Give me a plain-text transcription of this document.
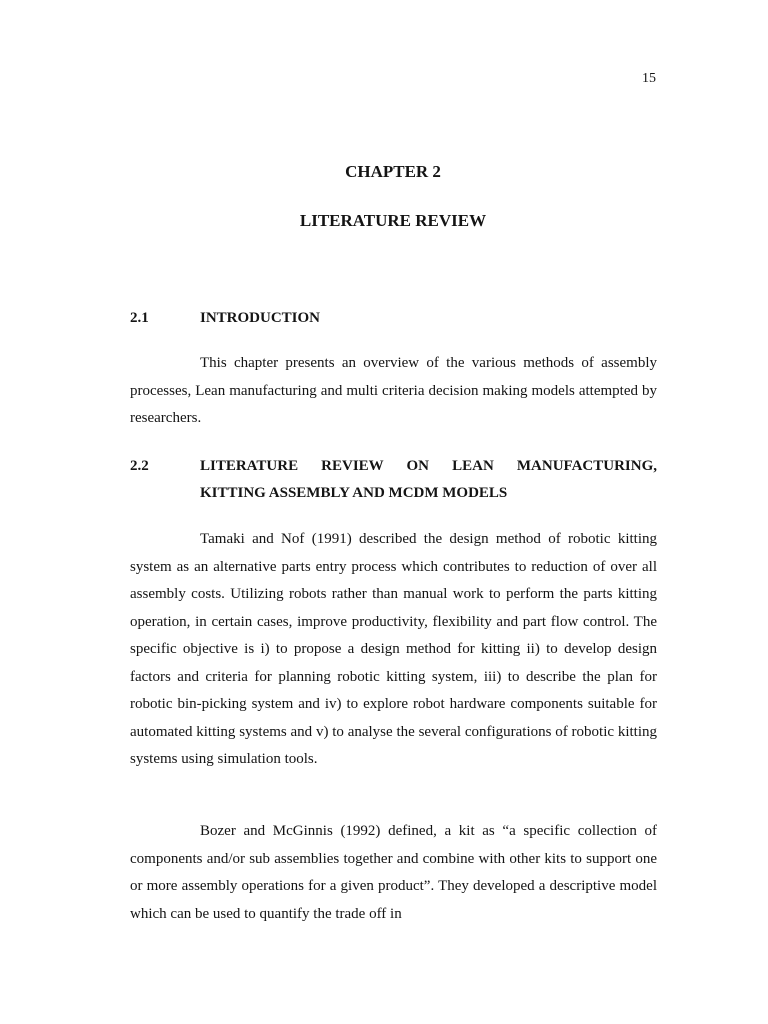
15
CHAPTER 2
LITERATURE REVIEW
2.1	INTRODUCTION

This chapter presents an overview of the various methods of assembly processes, Lean manufacturing and multi criteria decision making models attempted by researchers.

2.2	LITERATURE REVIEW ON LEAN MANUFACTURING,
KITTING ASSEMBLY AND MCDM MODELS

Tamaki and Nof (1991) described the design method of robotic kitting system as an alternative parts entry process which contributes to reduction of over all assembly costs. Utilizing robots rather than manual work to perform the parts kitting operation, in certain cases, improve productivity, flexibility and part flow control. The specific objective is i) to propose a design method for kitting ii) to develop design factors and criteria for planning robotic kitting system, iii) to describe the plan for robotic bin-picking system and iv) to explore robot hardware components suitable for automated kitting systems and v) to analyse the several configurations of robotic kitting systems using simulation tools.

Bozer and McGinnis (1992) defined, a kit as “a specific collection of components and/or sub assemblies together and combine with other kits to support one or more assembly operations for a given product”. They developed a descriptive model which can be used to quantify the trade off in
